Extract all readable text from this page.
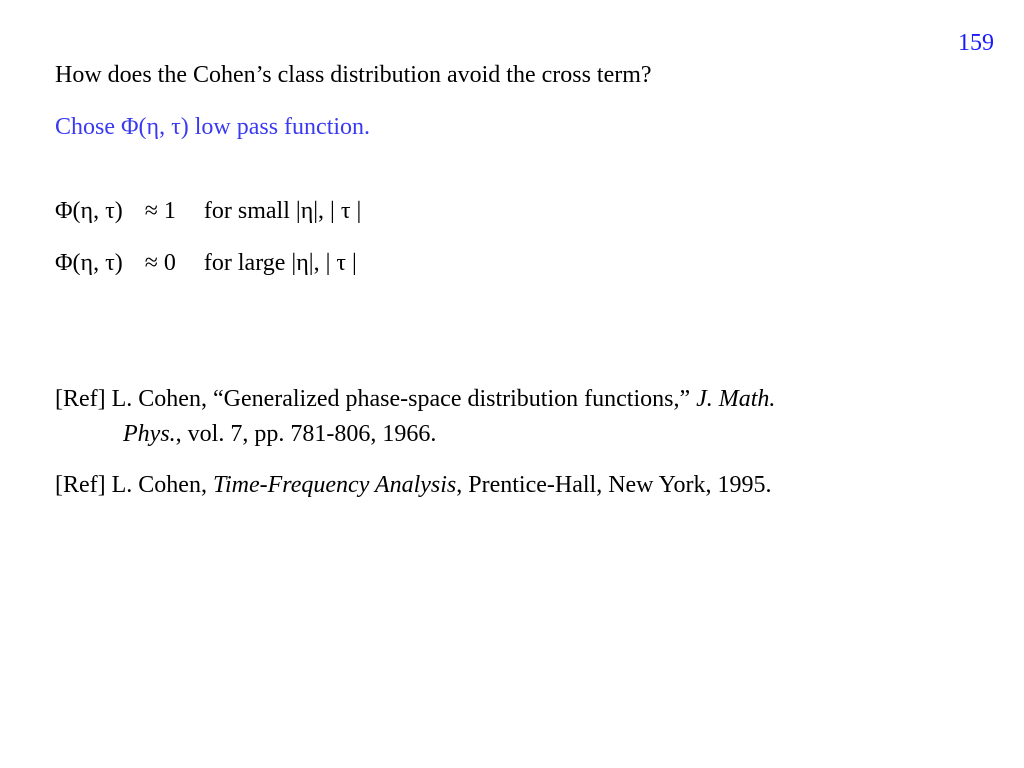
159
How does the Cohen’s class distribution avoid the cross term?
Chose Φ(η, τ) low pass function.
Φ(η, τ) ≈ 1 for small |η|, | τ |
Φ(η, τ) ≈ 0 for large |η|, | τ |
[Ref] L. Cohen, “Generalized phase-space distribution functions,” J. Math.
Phys., vol. 7, pp. 781-806, 1966.
[Ref] L. Cohen, Time-Frequency Analysis, Prentice-Hall, New York, 1995.
